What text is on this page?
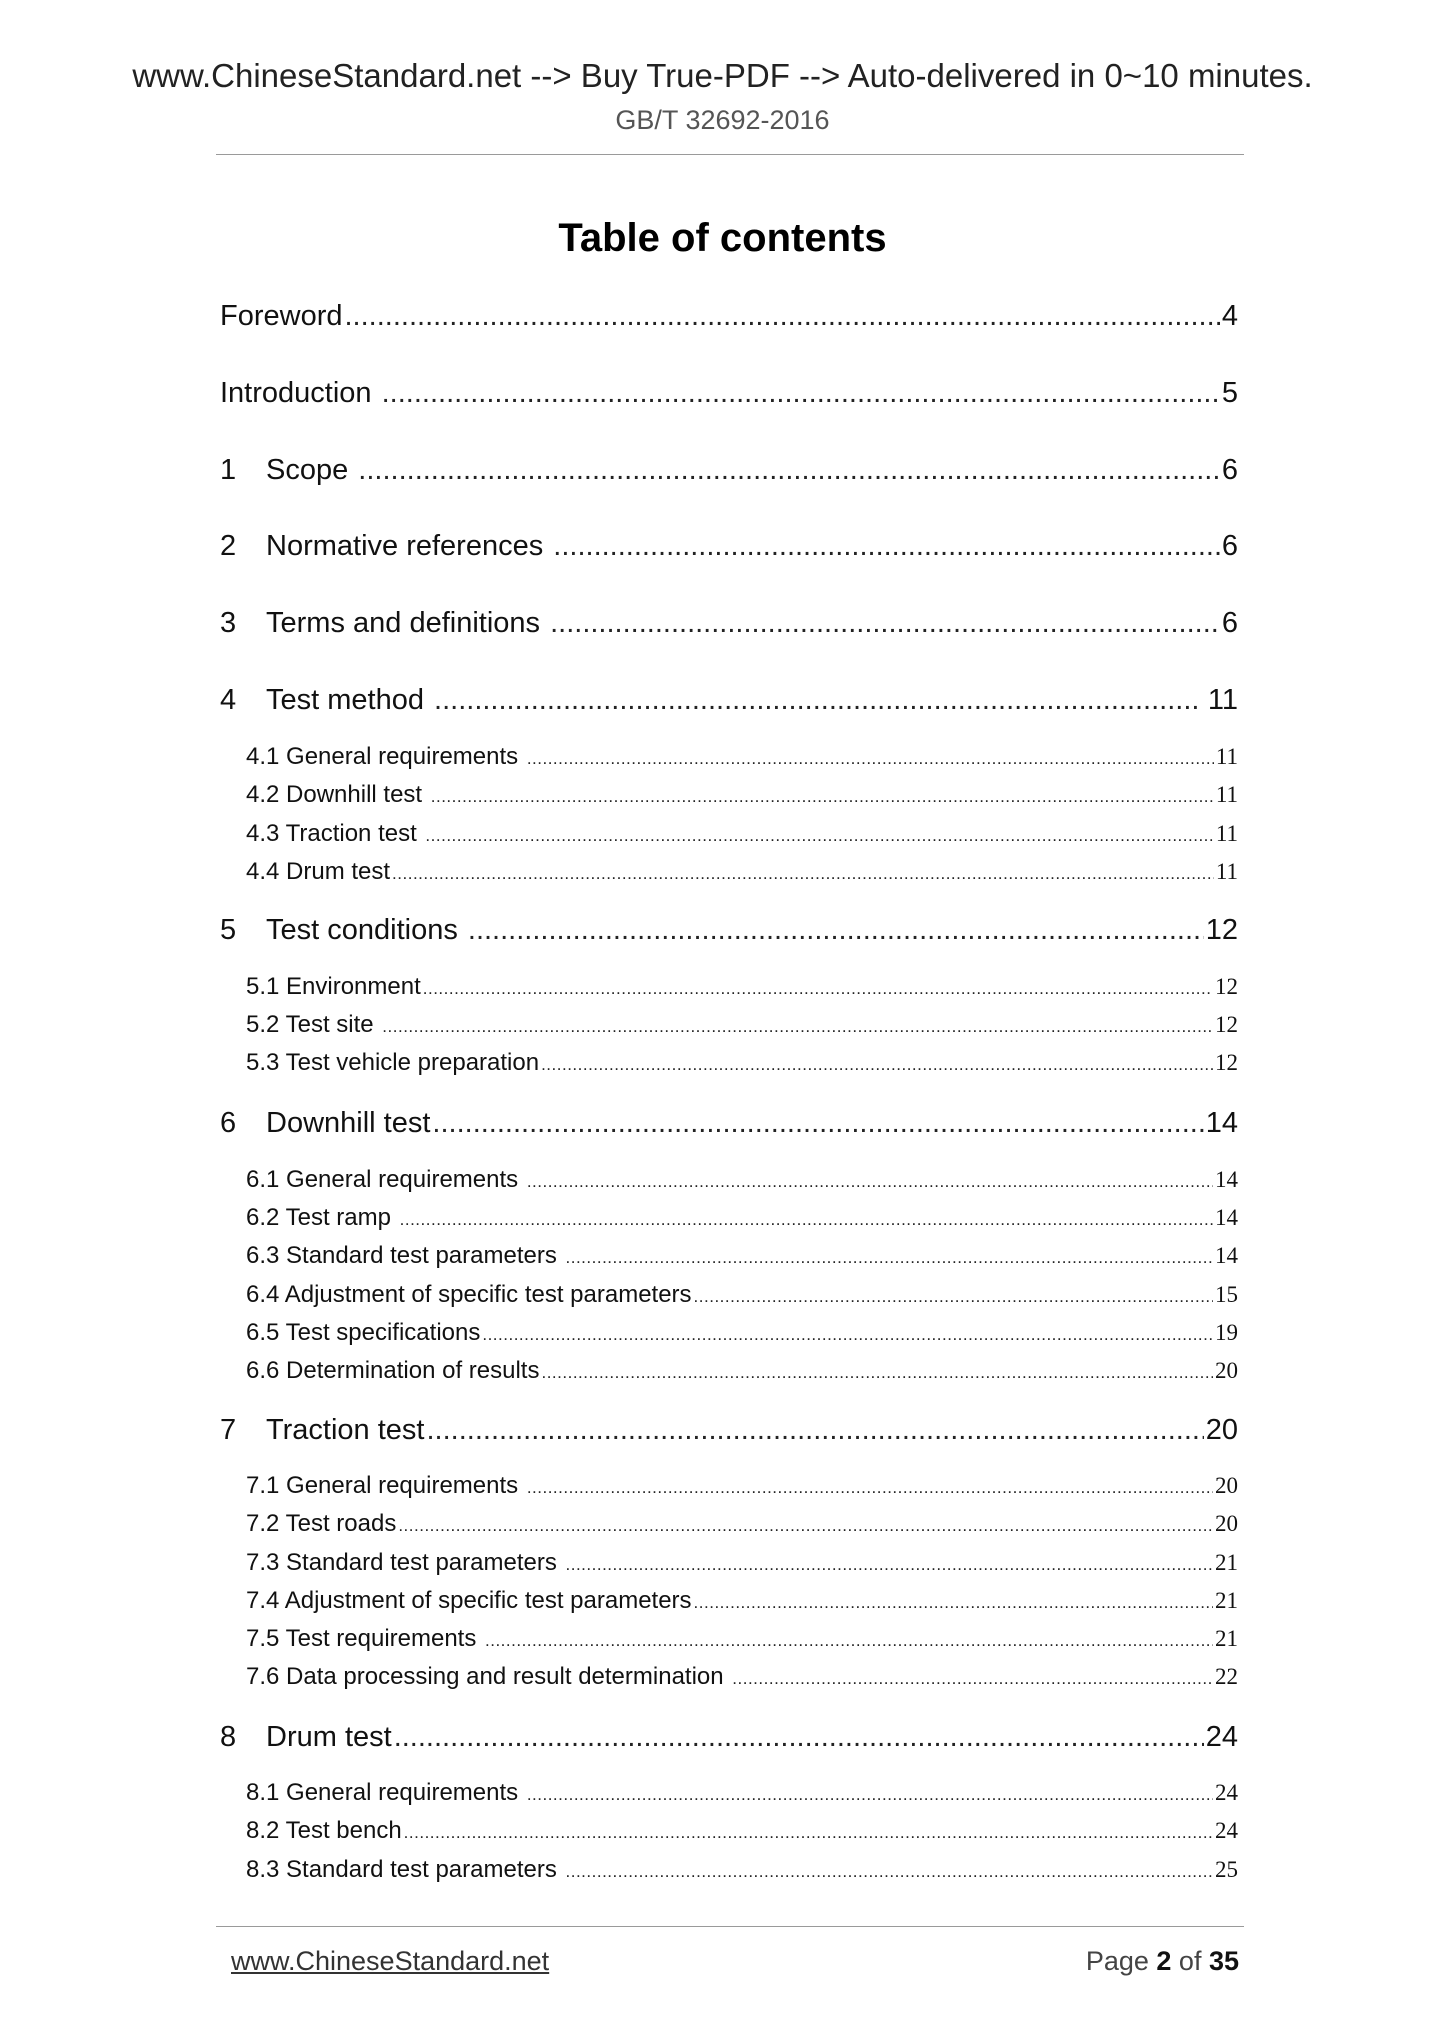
www.ChineseStandard.net --> Buy True-PDF --> Auto-delivered in 0~10 minutes.
GB/T 32692-2016
Table of contents
Foreword .....	4
Introduction .....	5
1	Scope .....	6
2	Normative references .....	6
3	Terms and definitions .....	6
4	Test method .....	11
4.1 General requirements .....	11
4.2 Downhill test .....	11
4.3 Traction test .....	11
4.4 Drum test .....	11
5	Test conditions .....	12
5.1 Environment .....	12
5.2 Test site .....	12
5.3 Test vehicle preparation .....	12
6	Downhill test .....	14
6.1 General requirements .....	14
6.2 Test ramp .....	14
6.3 Standard test parameters .....	14
6.4 Adjustment of specific test parameters .....	15
6.5 Test specifications .....	19
6.6 Determination of results .....	20
7	Traction test .....	20
7.1 General requirements .....	20
7.2 Test roads .....	20
7.3 Standard test parameters .....	21
7.4 Adjustment of specific test parameters .....	21
7.5 Test requirements .....	21
7.6 Data processing and result determination .....	22
8	Drum test .....	24
8.1 General requirements .....	24
8.2 Test bench .....	24
8.3 Standard test parameters .....	25
www.ChineseStandard.net	Page 2 of 35
